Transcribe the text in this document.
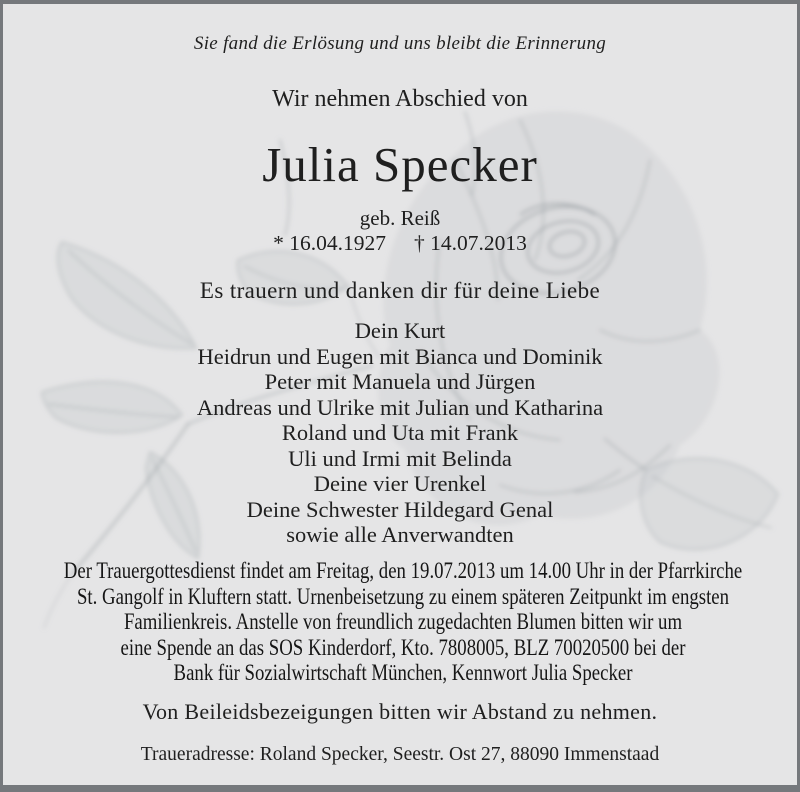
Sie fand die Erlösung und uns bleibt die Erinnerung
Wir nehmen Abschied von
Julia Specker
geb. Reiß
* 16.04.1927 † 14.07.2013
Es trauern und danken dir für deine Liebe
Dein Kurt
Heidrun und Eugen mit Bianca und Dominik
Peter mit Manuela und Jürgen
Andreas und Ulrike mit Julian und Katharina
Roland und Uta mit Frank
Uli und Irmi mit Belinda
Deine vier Urenkel
Deine Schwester Hildegard Genal
sowie alle Anverwandten
Der Trauergottesdienst findet am Freitag, den 19.07.2013 um 14.00 Uhr in der Pfarrkirche
St. Gangolf in Kluftern statt. Urnenbeisetzung zu einem späteren Zeitpunkt im engsten
Familienkreis. Anstelle von freundlich zugedachten Blumen bitten wir um
eine Spende an das SOS Kinderdorf, Kto. 7808005, BLZ 70020500 bei der
Bank für Sozialwirtschaft München, Kennwort Julia Specker
Von Beileidsbezeigungen bitten wir Abstand zu nehmen.
Traueradresse: Roland Specker, Seestr. Ost 27, 88090 Immenstaad
